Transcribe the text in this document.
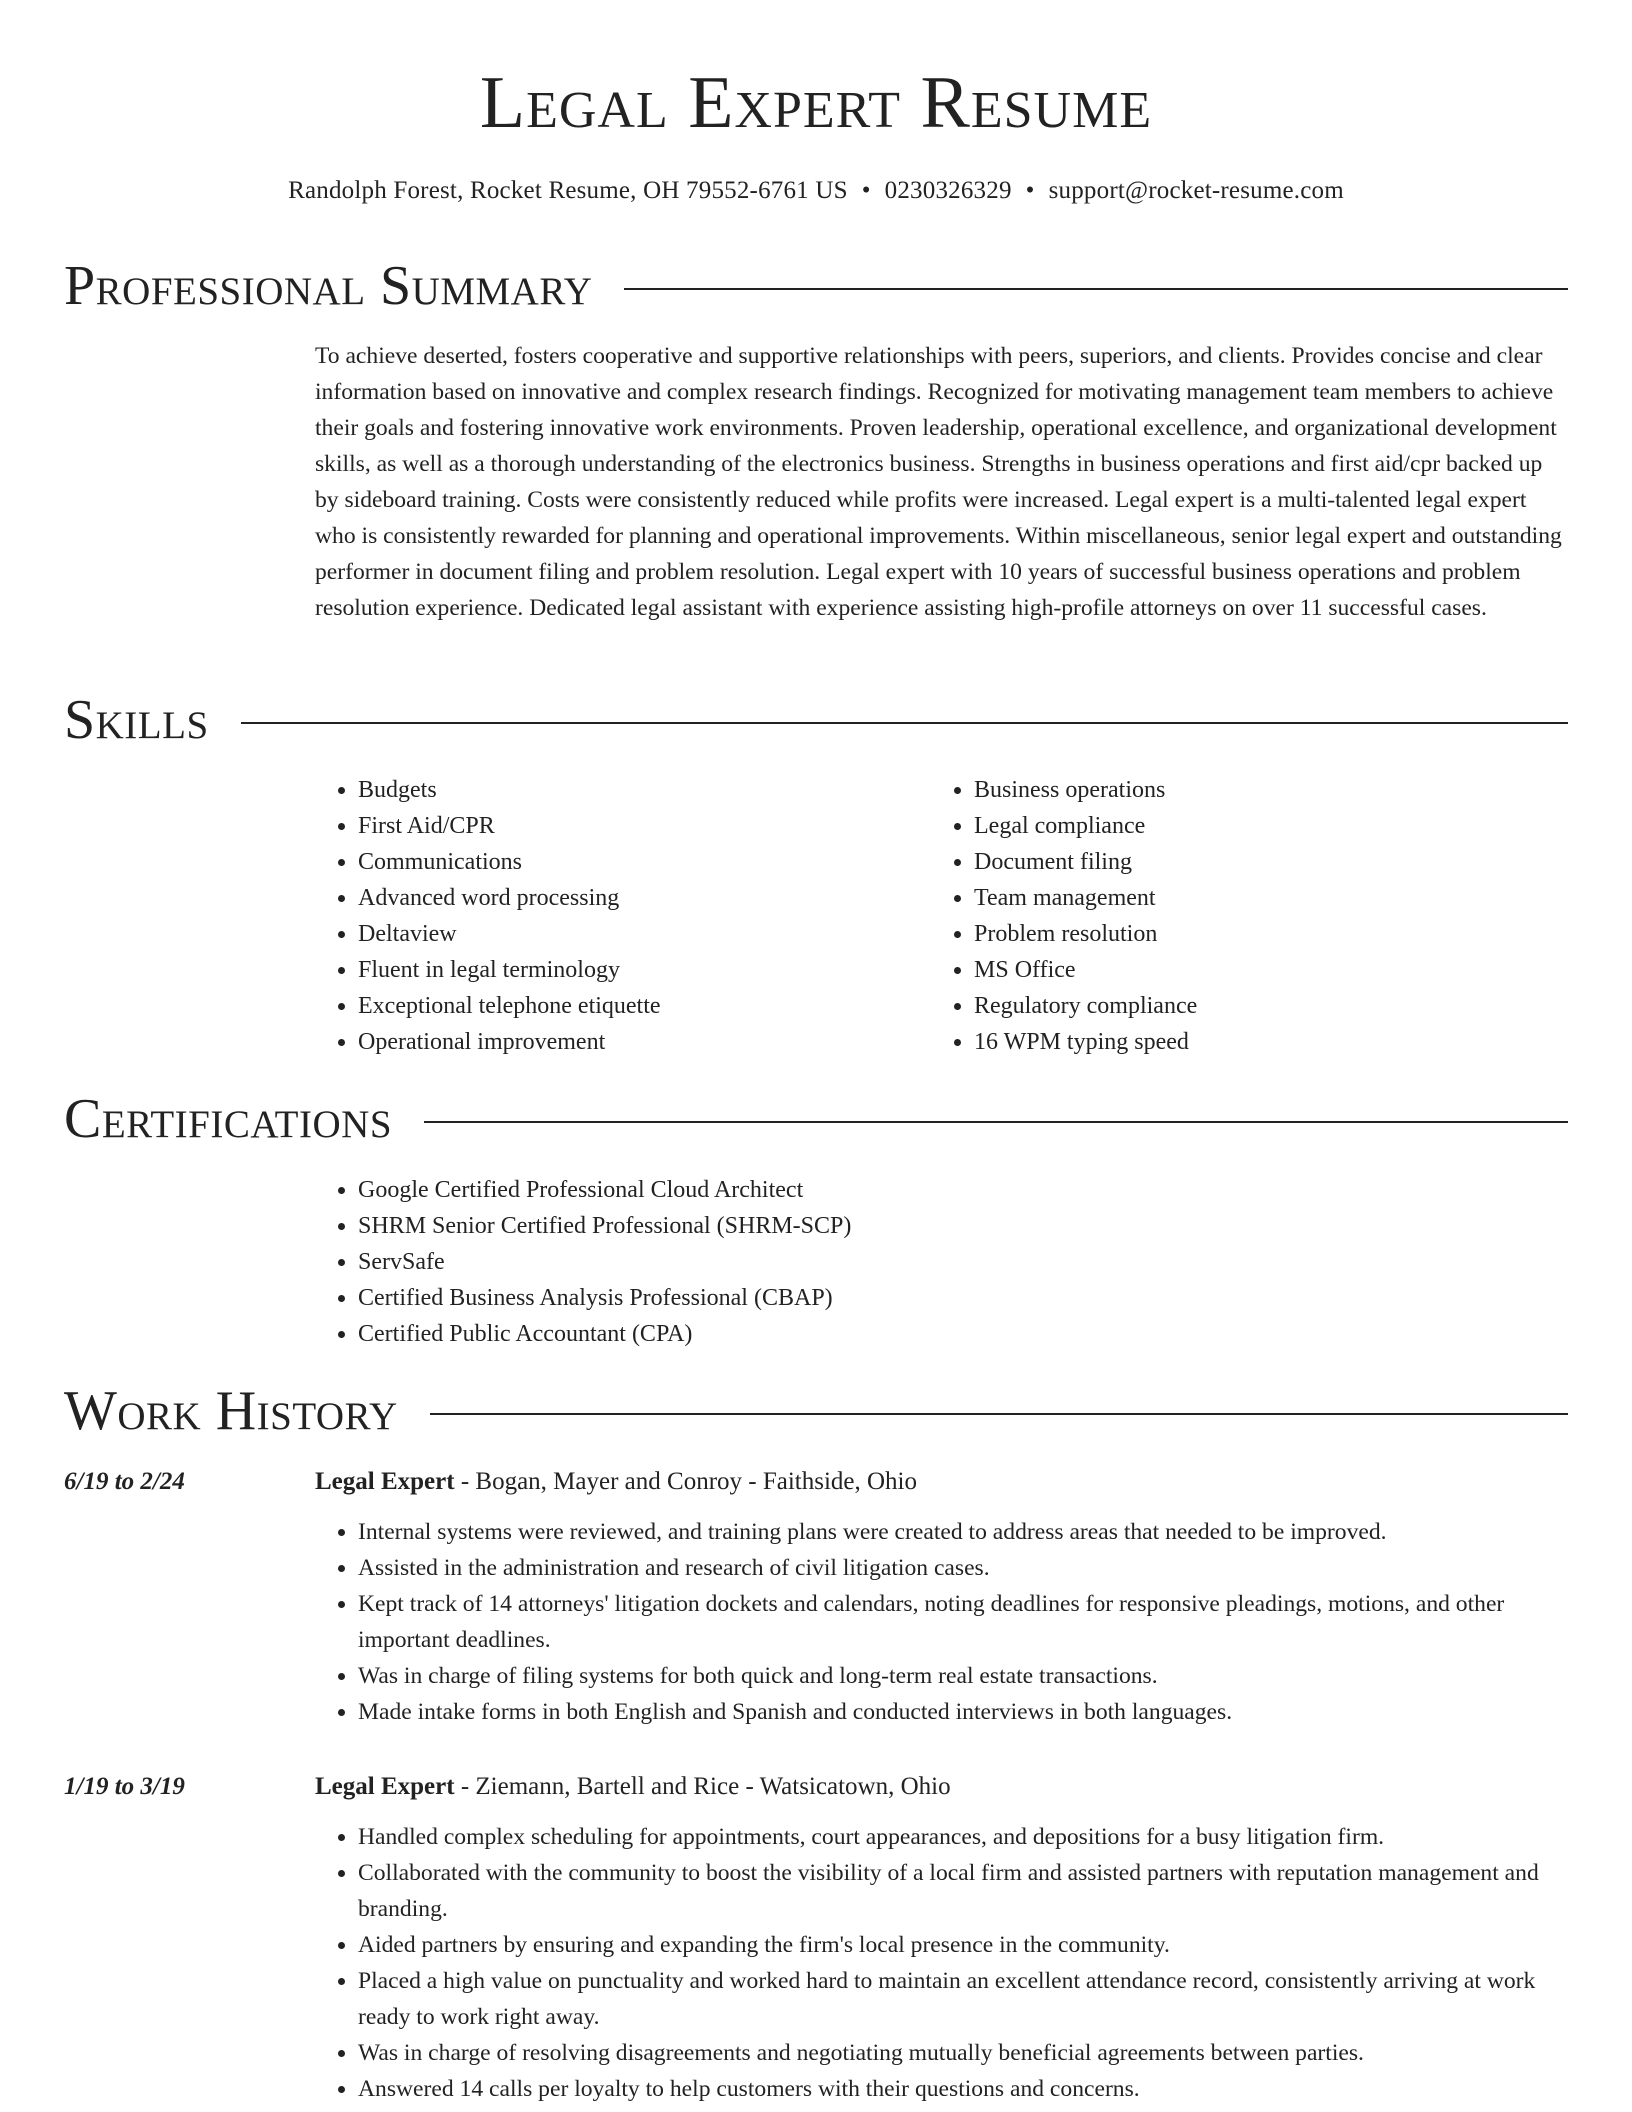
Legal Expert Resume
Randolph Forest, Rocket Resume, OH 79552-6761 US • 0230326329 • support@rocket-resume.com
Professional Summary

To achieve deserted, fosters cooperative and supportive relationships with peers, superiors, and clients. Provides concise and clear information based on innovative and complex research findings. Recognized for motivating management team members to achieve their goals and fostering innovative work environments. Proven leadership, operational excellence, and organizational development skills, as well as a thorough understanding of the electronics business. Strengths in business operations and first aid/cpr backed up by sideboard training. Costs were consistently reduced while profits were increased. Legal expert is a multi-talented legal expert who is consistently rewarded for planning and operational improvements. Within miscellaneous, senior legal expert and outstanding performer in document filing and problem resolution. Legal expert with 10 years of successful business operations and problem resolution experience. Dedicated legal assistant with experience assisting high-profile attorneys on over 11 successful cases.

Skills
• Budgets
• First Aid/CPR
• Communications
• Advanced word processing
• Deltaview
• Fluent in legal terminology
• Exceptional telephone etiquette
• Operational improvement
• Business operations
• Legal compliance
• Document filing
• Team management
• Problem resolution
• MS Office
• Regulatory compliance
• 16 WPM typing speed
Certifications
• Google Certified Professional Cloud Architect
• SHRM Senior Certified Professional (SHRM-SCP)
• ServSafe
• Certified Business Analysis Professional (CBAP)
• Certified Public Accountant (CPA)
Work History
6/19 to 2/24	Legal Expert - Bogan, Mayer and Conroy - Faithside, Ohio
• Internal systems were reviewed, and training plans were created to address areas that needed to be improved.
• Assisted in the administration and research of civil litigation cases.
• Kept track of 14 attorneys' litigation dockets and calendars, noting deadlines for responsive pleadings, motions, and other important deadlines.
• Was in charge of filing systems for both quick and long-term real estate transactions.
• Made intake forms in both English and Spanish and conducted interviews in both languages.
1/19 to 3/19	Legal Expert - Ziemann, Bartell and Rice - Watsicatown, Ohio
• Handled complex scheduling for appointments, court appearances, and depositions for a busy litigation firm.
• Collaborated with the community to boost the visibility of a local firm and assisted partners with reputation management and branding.
• Aided partners by ensuring and expanding the firm's local presence in the community.
• Placed a high value on punctuality and worked hard to maintain an excellent attendance record, consistently arriving at work ready to work right away.
• Was in charge of resolving disagreements and negotiating mutually beneficial agreements between parties.
• Answered 14 calls per loyalty to help customers with their questions and concerns.
